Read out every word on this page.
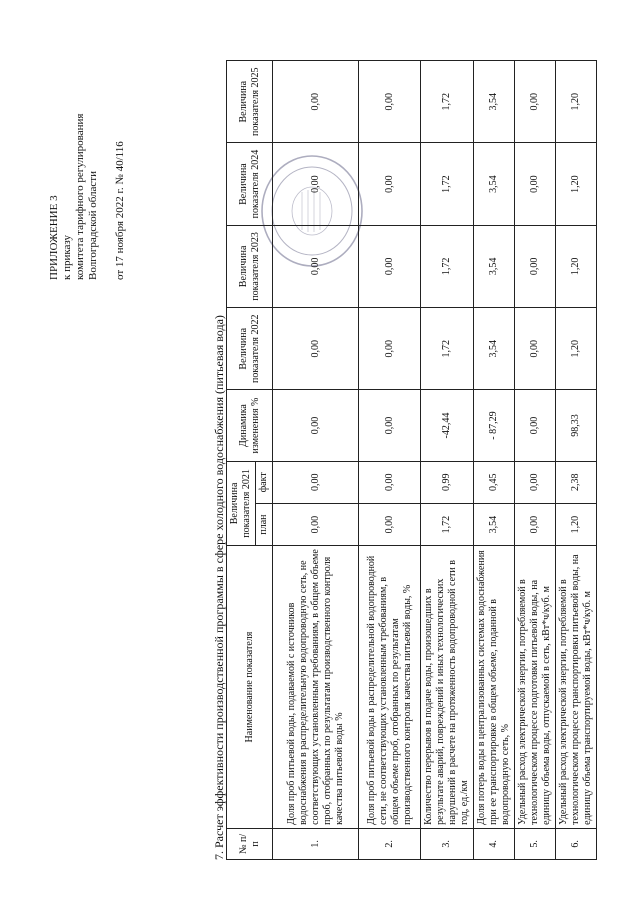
ПРИЛОЖЕНИЕ 3 к приказу комитета тарифного регулирования Волгоградской области от 17 ноября 2022 г. № 40/116
7. Расчет эффективности производственной программы в сфере холодного водоснабжения (питьевая вода) № п/п	Наименование показателя	Величина показателя 2021		Динамика изменения %	Величина показателя 2022	Величина показателя 2023	Величина показателя 2024	Величина показателя 2025
		план	факт					
1.	Доля проб питьевой воды, подаваемой с источников водоснабжения в распределительную водопроводную сеть, не соответствующих установленным требованиям, в общем объеме проб, отобранных по результатам производственного контроля качества питьевой воды %	0,00	0,00	0,00	0,00	0,00	0,00	0,00
2.	Доля проб питьевой воды в распределительной водопроводной сети, не соответствующих установленным требованиям, в общем объеме проб, отобранных по результатам производственного контроля качества питьевой воды, %	0,00	0,00	0,00	0,00	0,00	0,00	0,00
3.	Количество перерывов в подаче воды, произошедших в результате аварий, повреждений и иных технологических нарушений в расчете на протяженность водопроводной сети в год, ед./км	1,72	0,99	-42,44	1,72	1,72	1,72	1,72
4.	Доля потерь воды в централизованных системах водоснабжения при ее транспортировке в общем объеме, поданной в водопроводную сеть, %	3,54	0,45	- 87,29	3,54	3,54	3,54	3,54
5.	Удельный расход электрической энергии, потребляемой в технологическом процессе подготовки питьевой воды, на единицу объема воды, отпускаемой в сеть, кВт*ч/куб. м	0,00	0,00	0,00	0,00	0,00	0,00	0,00
6.	Удельный расход электрической энергии, потребляемой в технологическом процессе транспортировки питьевой воды, на единицу объема транспортируемой воды, кВт*ч/куб. м	1,20	2,38	98,33	1,20	1,20	1,20	1,20
